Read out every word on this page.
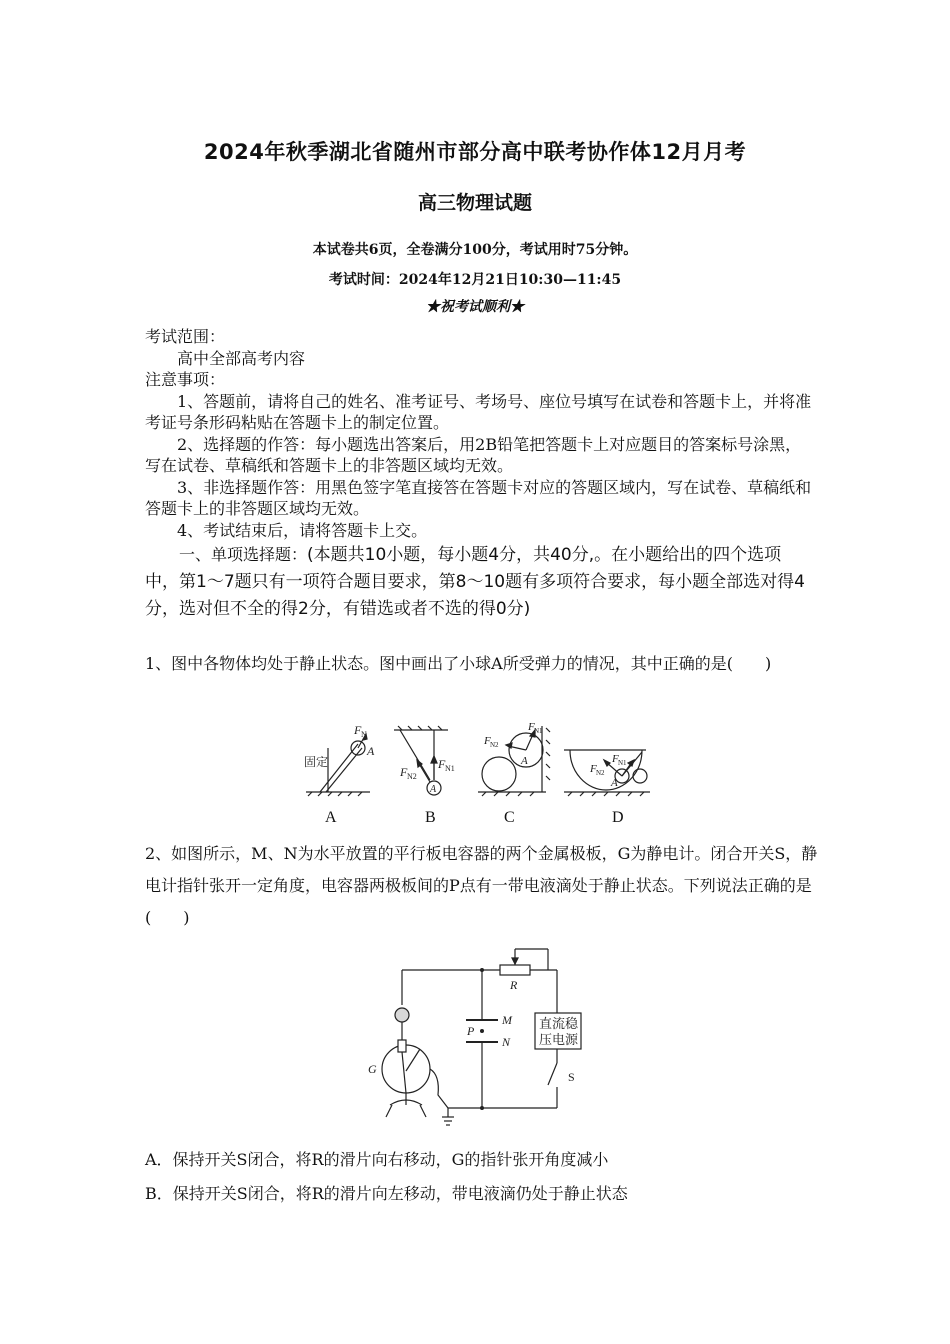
2024年秋季湖北省随州市部分高中联考协作体12月月考
高三物理试题
本试卷共6页，全卷满分100分，考试用时75分钟。
考试时间：2024年12月21日10:30—11:45
★祝考试顺利★

考试范围：

高中全部高考内容

注意事项：

1、答题前，请将自己的姓名、准考证号、考场号、座位号填写在试卷和答题卡上，并将准考证号条形码粘贴在答题卡上的制定位置。

2、选择题的作答：每小题选出答案后，用2B铅笔把答题卡上对应题目的答案标号涂黑，写在试卷、草稿纸和答题卡上的非答题区域均无效。

3、非选择题作答：用黑色签字笔直接答在答题卡对应的答题区域内，写在试卷、草稿纸和答题卡上的非答题区域均无效。

4、考试结束后，请将答题卡上交。

一、单项选择题：(本题共10小题，每小题4分，共40分,。在小题给出的四个选项中，第1～7题只有一项符合题目要求，第8～10题有多项符合要求，每小题全部选对得4分，选对但不全的得2分，有错选或者不选的得0分)

1、图中各物体均处于静止状态。图中画出了小球A所受弹力的情况，其中正确的是(　　)
固定
F N
A
F N1
F N2
A
F N1
F N2
A	F N1
F N2
A
A	B	C	D
2、如图所示，M、N为水平放置的平行板电容器的两个金属极板，G为静电计。闭合开关S，静电计指针张开一定角度，电容器两极板间的P点有一带电液滴处于静止状态。下列说法正确的是(　　)
R
M
N
P
G
S
直流稳
压电源
A．保持开关S闭合，将R的滑片向右移动，G的指针张开角度减小
B．保持开关S闭合，将R的滑片向左移动，带电液滴仍处于静止状态
